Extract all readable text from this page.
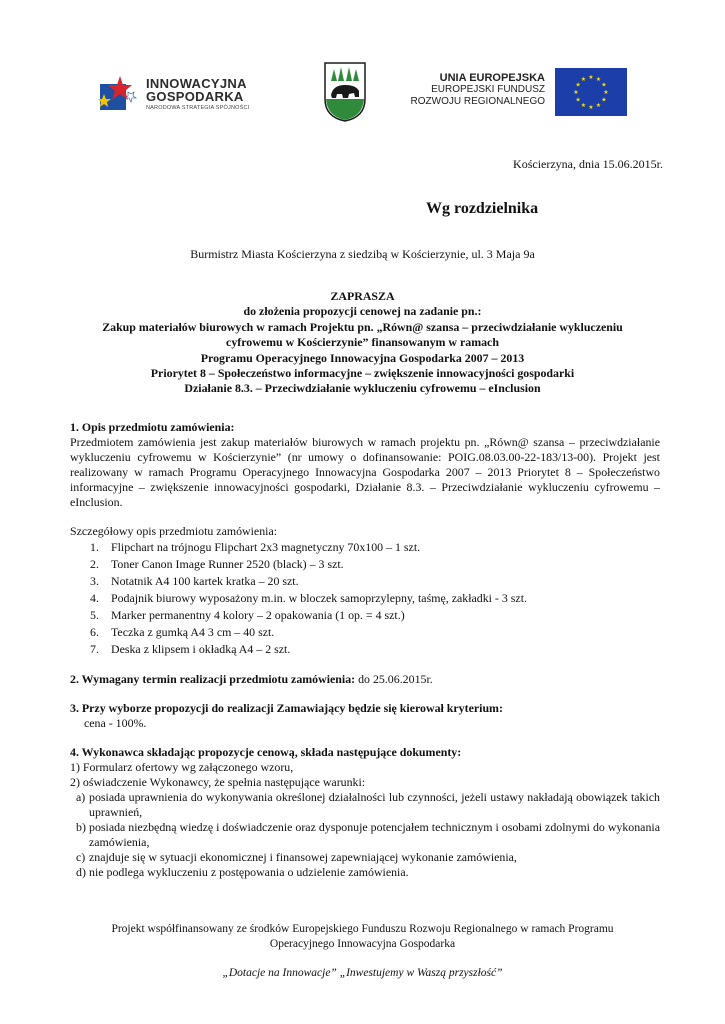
INNOWACYJNA
GOSPODARKA
NARODOWA STRATEGIA SPÓJNOŚCI
UNIA EUROPEJSKA
EUROPEJSKI FUNDUSZ
ROZWOJU REGIONALNEGO
★ ★
★
★
★
★
★
★
★
★
★
★
Kościerzyna, dnia 15.06.2015r.
Wg rozdzielnika
Burmistrz Miasta Kościerzyna z siedzibą w Kościerzynie, ul. 3 Maja 9a
ZAPRASZA
do złożenia propozycji cenowej na zadanie pn.:
Zakup materiałów biurowych w ramach Projektu pn. „Równ@ szansa – przeciwdziałanie wykluczeniu
cyfrowemu w Kościerzynie” finansowanym w ramach
Programu Operacyjnego Innowacyjna Gospodarka 2007 – 2013
Priorytet 8 – Społeczeństwo informacyjne – zwiększenie innowacyjności gospodarki
Działanie 8.3. – Przeciwdziałanie wykluczeniu cyfrowemu – eInclusion
1. Opis przedmiotu zamówienia:
Przedmiotem zamówienia jest zakup materiałów biurowych w ramach projektu pn. „Równ@ szansa – przeciwdziałanie wykluczeniu cyfrowemu w Kościerzynie” (nr umowy o dofinansowanie: POIG.08.03.00-22-183/13-00). Projekt jest realizowany w ramach Programu Operacyjnego Innowacyjna Gospodarka 2007 – 2013 Priorytet 8 – Społeczeństwo informacyjne – zwiększenie innowacyjności gospodarki, Działanie 8.3. – Przeciwdziałanie wykluczeniu cyfrowemu – eInclusion.
Szczegółowy opis przedmiotu zamówienia:
1.	Flipchart na trójnogu Flipchart 2x3 magnetyczny 70x100 – 1 szt.
2.	Toner Canon Image Runner 2520 (black) – 3 szt.
3.	Notatnik A4 100 kartek kratka – 20 szt.
4.	Podajnik biurowy wyposażony m.in. w bloczek samoprzylepny, taśmę, zakładki - 3 szt.
5.	Marker permanentny 4 kolory – 2 opakowania (1 op. = 4 szt.)
6.	Teczka z gumką A4 3 cm – 40 szt.
7.	Deska z klipsem i okładką A4 – 2 szt.
2. Wymagany termin realizacji przedmiotu zamówienia: do 25.06.2015r.
3. Przy wyborze propozycji do realizacji Zamawiający będzie się kierował kryterium:
cena - 100%.
4. Wykonawca składając propozycje cenową, składa następujące dokumenty:
1) Formularz ofertowy wg załączonego wzoru,
2) oświadczenie Wykonawcy, że spełnia następujące warunki:
a) posiada uprawnienia do wykonywania określonej działalności lub czynności, jeżeli ustawy nakładają obowiązek takich uprawnień,
b) posiada niezbędną wiedzę i doświadczenie oraz dysponuje potencjałem technicznym i osobami zdolnymi do wykonania zamówienia,
c) znajduje się w sytuacji ekonomicznej i finansowej zapewniającej wykonanie zamówienia,
d) nie podlega wykluczeniu z postępowania o udzielenie zamówienia.
Projekt współfinansowany ze środków Europejskiego Funduszu Rozwoju Regionalnego w ramach Programu
Operacyjnego Innowacyjna Gospodarka
„Dotacje na Innowacje” „Inwestujemy w Waszą przyszłość”
